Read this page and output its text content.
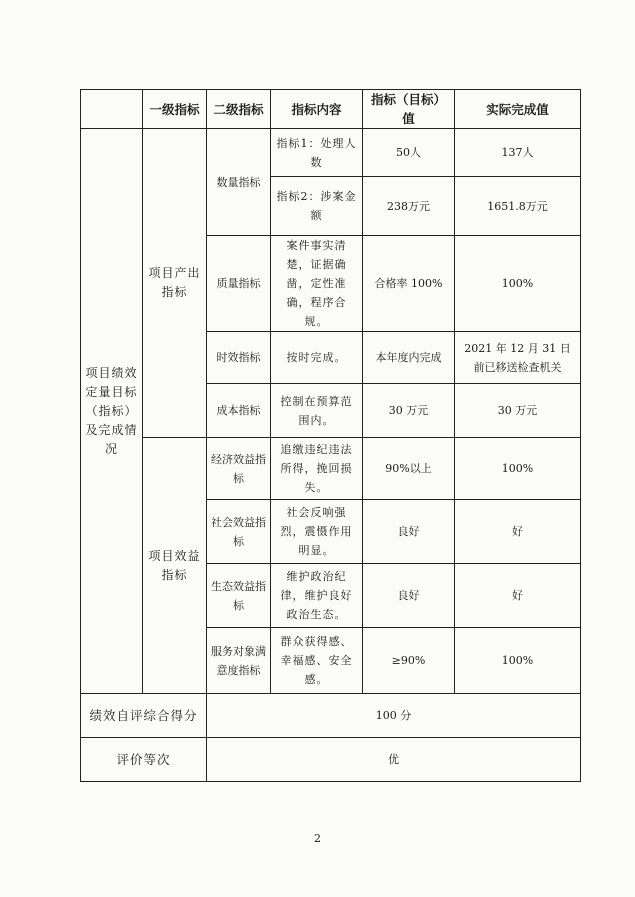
	一级指标	二级指标	指标内容	指标（目标）值	实际完成值
项目绩效定量目标（指标）及完成情况	项目产出指标	数量指标	指标1：处理人数	50人	137人
			指标2：涉案金额	238万元	1651.8万元
		质量指标	案件事实清楚，证据确凿，定性准确，程序合规。	合格率 100%	100%
		时效指标	按时完成。	本年度内完成	2021 年 12 月 31 日前已移送检查机关
		成本指标	控制在预算范围内。	30 万元	30 万元

	项目效益指标	经济效益指标	追缴违纪违法所得，挽回损失。	90%以上	100%
		社会效益指标	社会反响强烈，震慑作用明显。	良好	好
		生态效益指标	维护政治纪律，维护良好政治生态。	良好	好
		服务对象满意度指标	群众获得感、幸福感、安全感。	≥90%	100%

绩效自评综合得分		100 分			
评价等次		优			
2
